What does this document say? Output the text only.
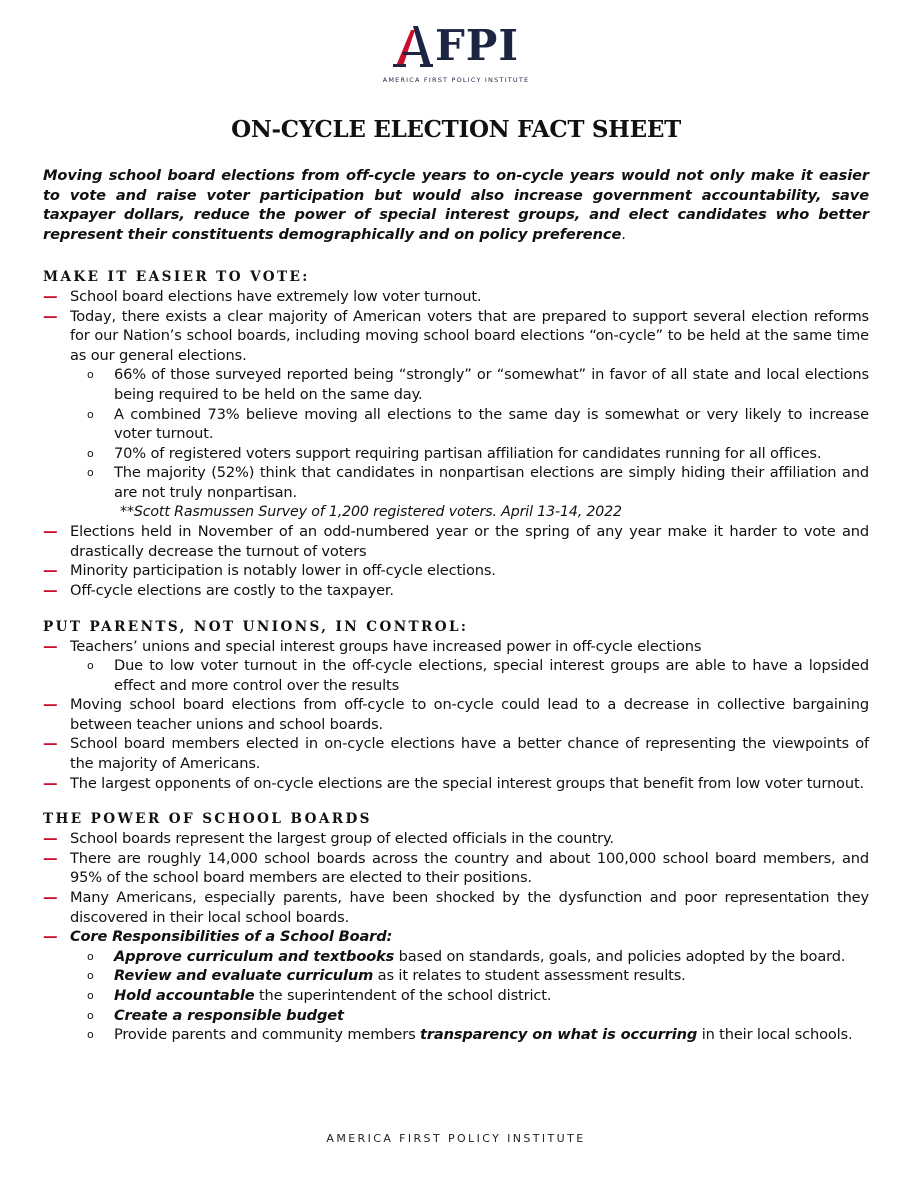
FPI
AMERICA FIRST POLICY INSTITUTE
ON-CYCLE ELECTION FACT SHEET
Moving school board elections from off-cycle years to on-cycle years would not only make it easier to vote and raise voter participation but would also increase government accountability, save taxpayer dollars, reduce the power of special interest groups, and elect candidates who better represent their constituents demographically and on policy preference.
MAKE IT EASIER TO VOTE:
— School board elections have extremely low voter turnout.
— Today, there exists a clear majority of American voters that are prepared to support several election reforms for our Nation’s school boards, including moving school board elections “on-cycle” to be held at the same time as our general elections.
o 66% of those surveyed reported being “strongly” or “somewhat” in favor of all state and local elections being required to be held on the same day.
o A combined 73% believe moving all elections to the same day is somewhat or very likely to increase voter turnout.
o 70% of registered voters support requiring partisan affiliation for candidates running for all offices.
o The majority (52%) think that candidates in nonpartisan elections are simply hiding their affiliation and are not truly nonpartisan.
**Scott Rasmussen Survey of 1,200 registered voters. April 13-14, 2022
— Elections held in November of an odd-numbered year or the spring of any year make it harder to vote and drastically decrease the turnout of voters
— Minority participation is notably lower in off-cycle elections.
— Off-cycle elections are costly to the taxpayer.
PUT PARENTS, NOT UNIONS, IN CONTROL:
— Teachers’ unions and special interest groups have increased power in off-cycle elections
o Due to low voter turnout in the off-cycle elections, special interest groups are able to have a lopsided effect and more control over the results
— Moving school board elections from off-cycle to on-cycle could lead to a decrease in collective bargaining between teacher unions and school boards.
— School board members elected in on-cycle elections have a better chance of representing the viewpoints of the majority of Americans.
— The largest opponents of on-cycle elections are the special interest groups that benefit from low voter turnout.
THE POWER OF SCHOOL BOARDS
— School boards represent the largest group of elected officials in the country.
— There are roughly 14,000 school boards across the country and about 100,000 school board members, and 95% of the school board members are elected to their positions.
— Many Americans, especially parents, have been shocked by the dysfunction and poor representation they discovered in their local school boards.
— Core Responsibilities of a School Board:
o Approve curriculum and textbooks based on standards, goals, and policies adopted by the board.
o Review and evaluate curriculum as it relates to student assessment results.
o Hold accountable the superintendent of the school district.
o Create a responsible budget
o Provide parents and community members transparency on what is occurring in their local schools.
AMERICA FIRST POLICY INSTITUTE
